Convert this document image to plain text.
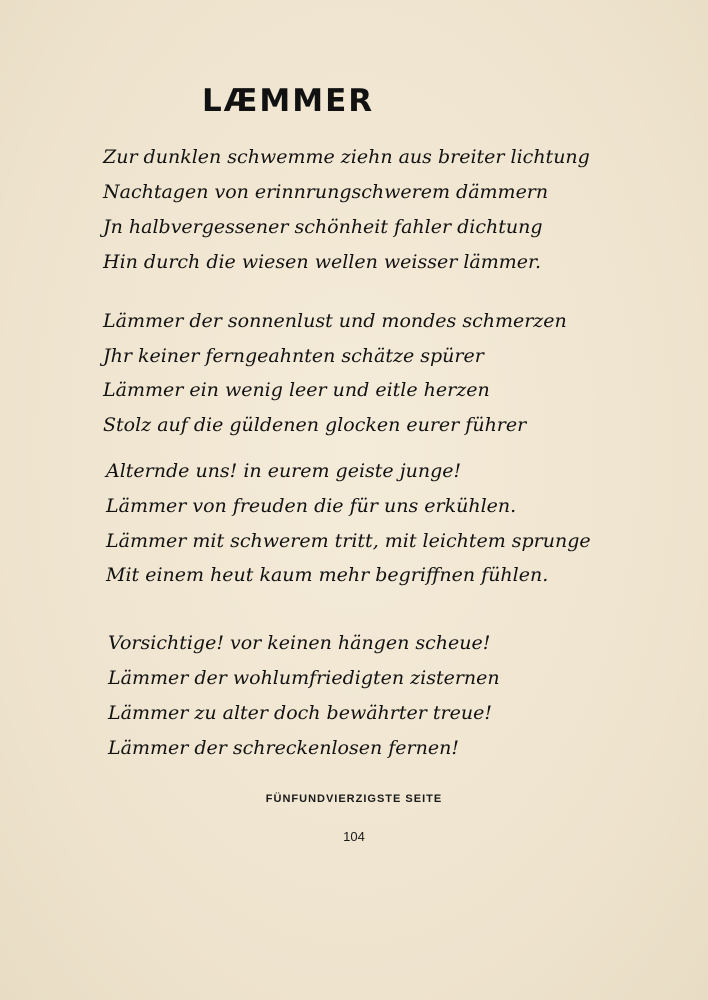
LÆMMER
Zur dunklen schwemme ziehn aus breiter lichtung
Nachtagen von erinnrungschwerem dämmern
Jn halbvergessener schönheit fahler dichtung
Hin durch die wiesen wellen weisser lämmer.
Lämmer der sonnenlust und mondes schmerzen
Jhr keiner ferngeahnten schätze spürer
Lämmer ein wenig leer und eitle herzen
Stolz auf die güldenen glocken eurer führer
Alternde uns! in eurem geiste junge!
Lämmer von freuden die für uns erkühlen.
Lämmer mit schwerem tritt, mit leichtem sprunge
Mit einem heut kaum mehr begriffnen fühlen.
Vorsichtige! vor keinen hängen scheue!
Lämmer der wohlumfriedigten zisternen
Lämmer zu alter doch bewährter treue!
Lämmer der schreckenlosen fernen!
FÜNFUNDVIERZIGSTE SEITE
104
